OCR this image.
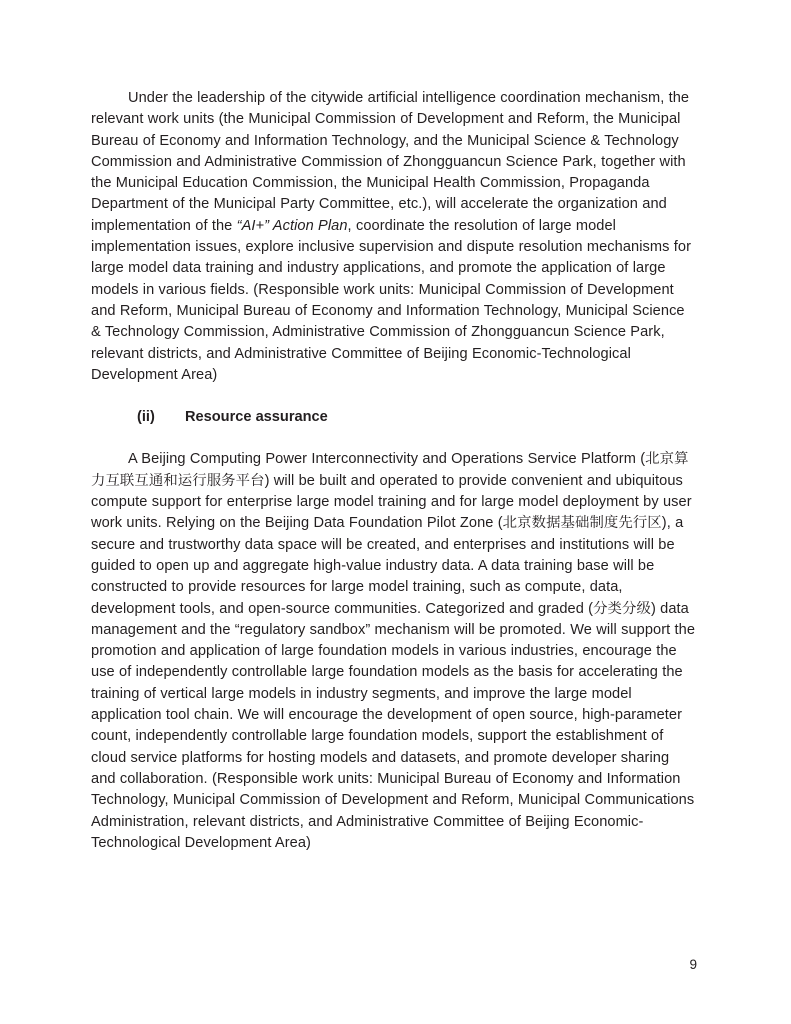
Under the leadership of the citywide artificial intelligence coordination mechanism, the relevant work units (the Municipal Commission of Development and Reform, the Municipal Bureau of Economy and Information Technology, and the Municipal Science & Technology Commission and Administrative Commission of Zhongguancun Science Park, together with the Municipal Education Commission, the Municipal Health Commission, Propaganda Department of the Municipal Party Committee, etc.), will accelerate the organization and implementation of the “AI+” Action Plan, coordinate the resolution of large model implementation issues, explore inclusive supervision and dispute resolution mechanisms for large model data training and industry applications, and promote the application of large models in various fields. (Responsible work units: Municipal Commission of Development and Reform, Municipal Bureau of Economy and Information Technology, Municipal Science & Technology Commission, Administrative Commission of Zhongguancun Science Park, relevant districts, and Administrative Committee of Beijing Economic-Technological Development Area)

(ii) Resource assurance

A Beijing Computing Power Interconnectivity and Operations Service Platform (北京算力互联互通和运行服务平台) will be built and operated to provide convenient and ubiquitous compute support for enterprise large model training and for large model deployment by user work units. Relying on the Beijing Data Foundation Pilot Zone (北京数据基础制度先行区), a secure and trustworthy data space will be created, and enterprises and institutions will be guided to open up and aggregate high-value industry data. A data training base will be constructed to provide resources for large model training, such as compute, data, development tools, and open-source communities. Categorized and graded (分类分级) data management and the “regulatory sandbox” mechanism will be promoted. We will support the promotion and application of large foundation models in various industries, encourage the use of independently controllable large foundation models as the basis for accelerating the training of vertical large models in industry segments, and improve the large model application tool chain. We will encourage the development of open source, high-parameter count, independently controllable large foundation models, support the establishment of cloud service platforms for hosting models and datasets, and promote developer sharing and collaboration. (Responsible work units: Municipal Bureau of Economy and Information Technology, Municipal Commission of Development and Reform, Municipal Communications Administration, relevant districts, and Administrative Committee of Beijing Economic-Technological Development Area)

9
